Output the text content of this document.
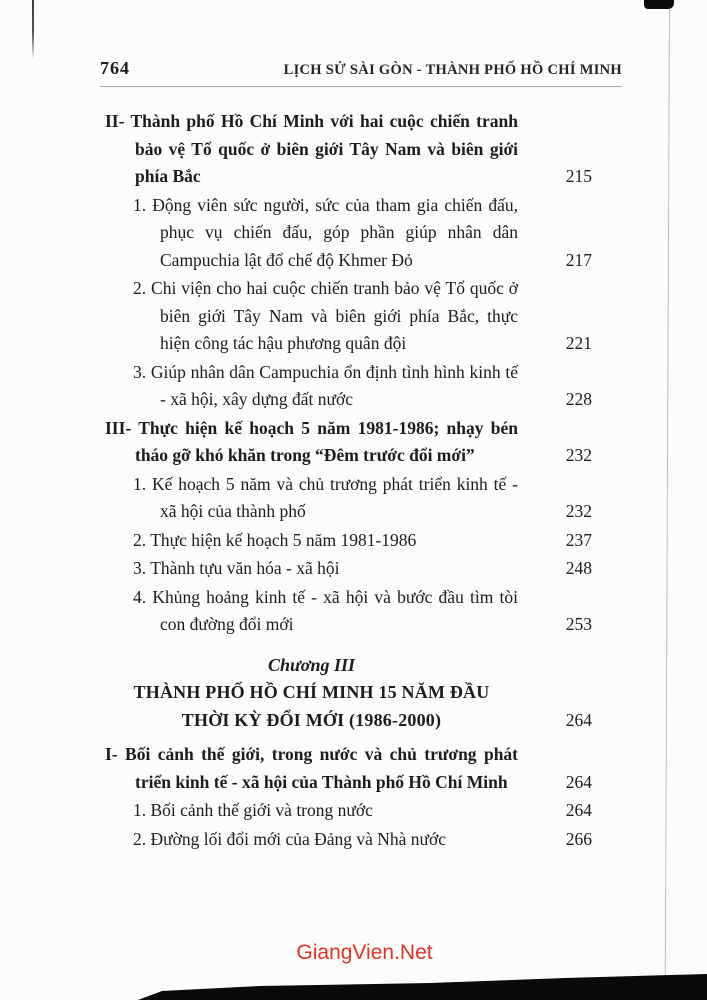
764	LỊCH SỬ SÀI GÒN - THÀNH PHỐ HỒ CHÍ MINH
II- Thành phố Hồ Chí Minh với hai cuộc chiến tranh bảo vệ Tổ quốc ở biên giới Tây Nam và biên giới phía Bắc	215
1. Động viên sức người, sức của tham gia chiến đấu, phục vụ chiến đấu, góp phần giúp nhân dân Campuchia lật đổ chế độ Khmer Đỏ	217
2. Chi viện cho hai cuộc chiến tranh bảo vệ Tổ quốc ở biên giới Tây Nam và biên giới phía Bắc, thực hiện công tác hậu phương quân đội	221
3. Giúp nhân dân Campuchia ổn định tình hình kinh tế - xã hội, xây dựng đất nước	228
III- Thực hiện kế hoạch 5 năm 1981-1986; nhạy bén tháo gỡ khó khăn trong “Đêm trước đổi mới”	232
1. Kế hoạch 5 năm và chủ trương phát triển kinh tế - xã hội của thành phố	232
2. Thực hiện kế hoạch 5 năm 1981-1986	237
3. Thành tựu văn hóa - xã hội	248
4. Khủng hoảng kinh tế - xã hội và bước đầu tìm tòi con đường đổi mới	253
Chương III
THÀNH PHỐ HỒ CHÍ MINH 15 NĂM ĐẦU
THỜI KỲ ĐỔI MỚI (1986-2000)	264
I- Bối cảnh thế giới, trong nước và chủ trương phát triển kinh tế - xã hội của Thành phố Hồ Chí Minh	264
1. Bối cảnh thế giới và trong nước	264
2. Đường lối đổi mới của Đảng và Nhà nước	266
GiangVien.Net
